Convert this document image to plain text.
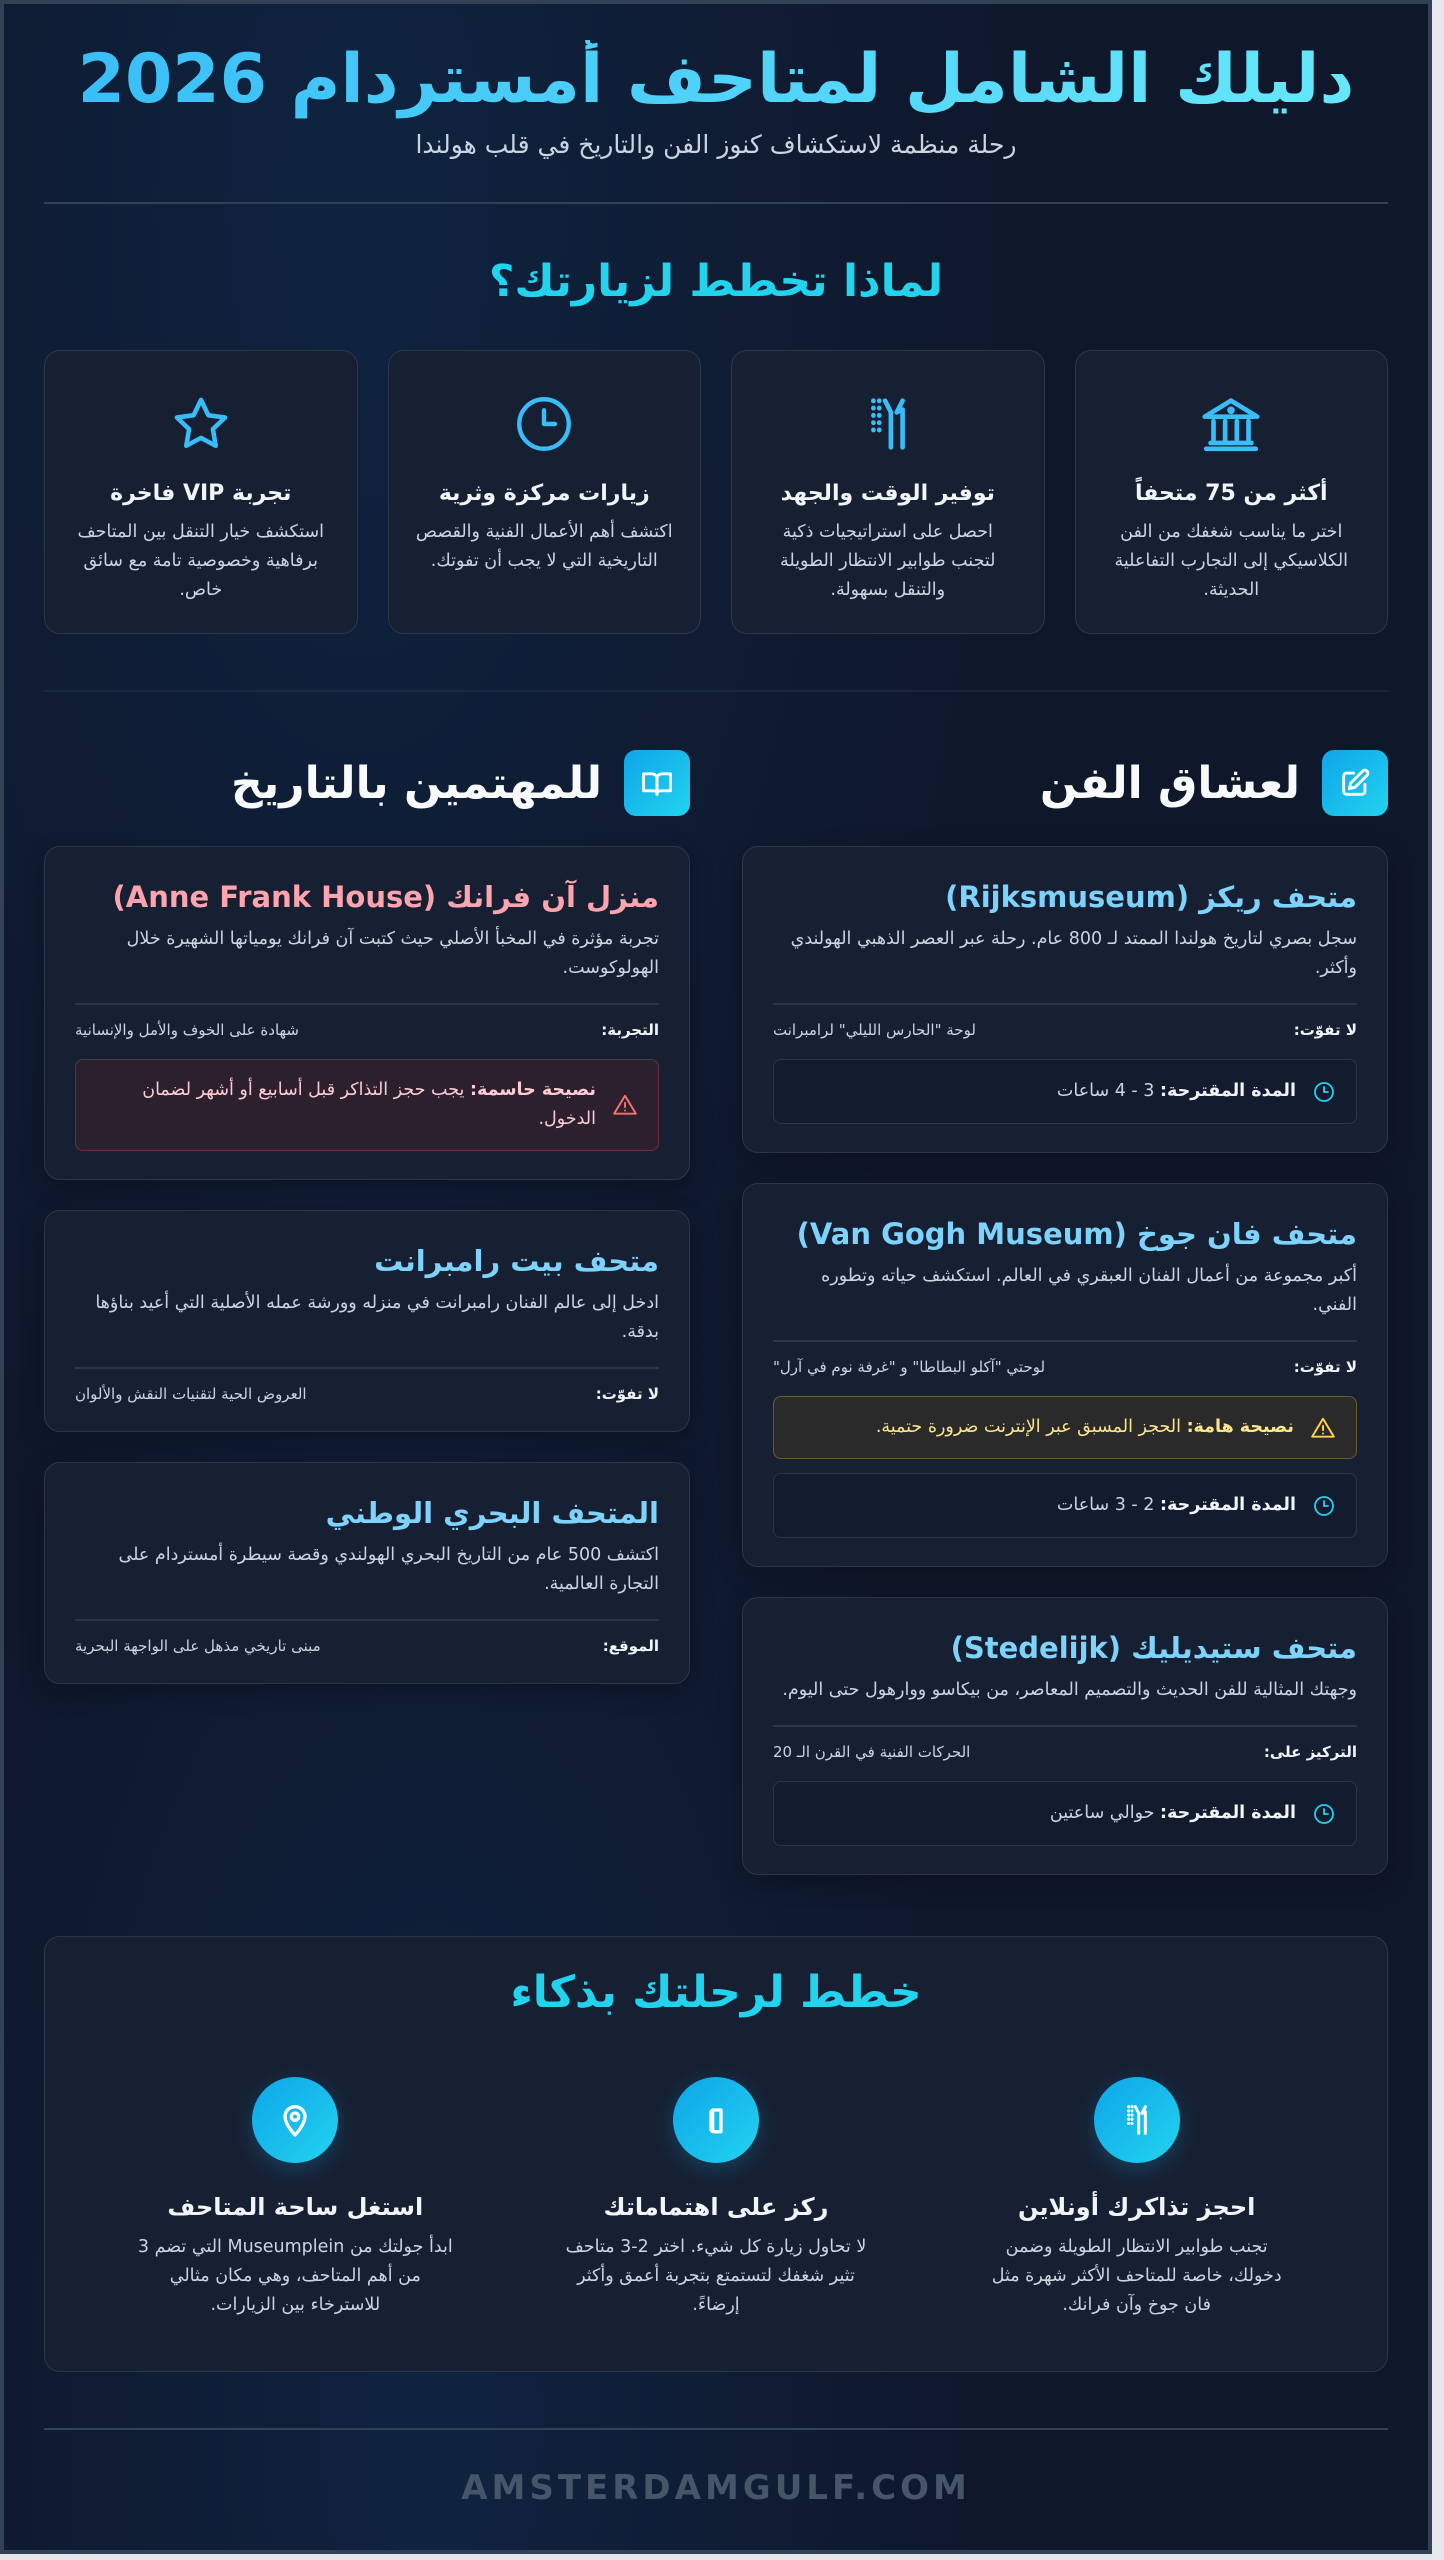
دليلك الشامل لمتاحف أمستردام 2026
رحلة منظمة لاستكشاف كنوز الفن والتاريخ في قلب هولندا
لماذا تخطط لزيارتك؟
أكثر من 75 متحفاً

اختر ما يناسب شغفك من الفن الكلاسيكي إلى التجارب التفاعلية الحديثة.

توفير الوقت والجهد

احصل على استراتيجيات ذكية لتجنب طوابير الانتظار الطويلة والتنقل بسهولة.

زيارات مركزة وثرية

اكتشف أهم الأعمال الفنية والقصص التاريخية التي لا يجب أن تفوتك.

تجربة VIP فاخرة

استكشف خيار التنقل بين المتاحف برفاهية وخصوصية تامة مع سائق خاص.

لعشاق الفن
متحف ريكز (Rijksmuseum)

سجل بصري لتاريخ هولندا الممتد لـ 800 عام. رحلة عبر العصر الذهبي الهولندي وأكثر.

لا تفوّت:
لوحة "الحارس الليلي" لرامبرانت
المدة المقترحة: 3 - 4 ساعات
متحف فان جوخ (Van Gogh Museum)

أكبر مجموعة من أعمال الفنان العبقري في العالم. استكشف حياته وتطوره الفني.

لا تفوّت:
لوحتي "آكلو البطاطا" و "غرفة نوم في آرل"
نصيحة هامة: الحجز المسبق عبر الإنترنت ضرورة حتمية.
المدة المقترحة: 2 - 3 ساعات
متحف ستيديليك (Stedelijk)

وجهتك المثالية للفن الحديث والتصميم المعاصر، من بيكاسو ووارهول حتى اليوم.

التركيز على:
الحركات الفنية في القرن الـ 20
المدة المقترحة: حوالي ساعتين
للمهتمين بالتاريخ
منزل آن فرانك (Anne Frank House)

تجربة مؤثرة في المخبأ الأصلي حيث كتبت آن فرانك يومياتها الشهيرة خلال الهولوكوست.

التجربة:
شهادة على الخوف والأمل والإنسانية
نصيحة حاسمة: يجب حجز التذاكر قبل أسابيع أو أشهر لضمان الدخول.
متحف بيت رامبرانت

ادخل إلى عالم الفنان رامبرانت في منزله وورشة عمله الأصلية التي أعيد بناؤها بدقة.

لا تفوّت:
العروض الحية لتقنيات النقش والألوان
المتحف البحري الوطني

اكتشف 500 عام من التاريخ البحري الهولندي وقصة سيطرة أمستردام على التجارة العالمية.

الموقع:
مبنى تاريخي مذهل على الواجهة البحرية
خطط لرحلتك بذكاء
احجز تذاكرك أونلاين

تجنب طوابير الانتظار الطويلة وضمن دخولك، خاصة للمتاحف الأكثر شهرة مثل فان جوخ وآن فرانك.

ركز على اهتماماتك

لا تحاول زيارة كل شيء. اختر 2-3 متاحف تثير شغفك لتستمتع بتجربة أعمق وأكثر إرضاءً.

استغل ساحة المتاحف

ابدأ جولتك من Museumplein التي تضم 3 من أهم المتاحف، وهي مكان مثالي للاسترخاء بين الزيارات.

AMSTERDAMGULF.COM
